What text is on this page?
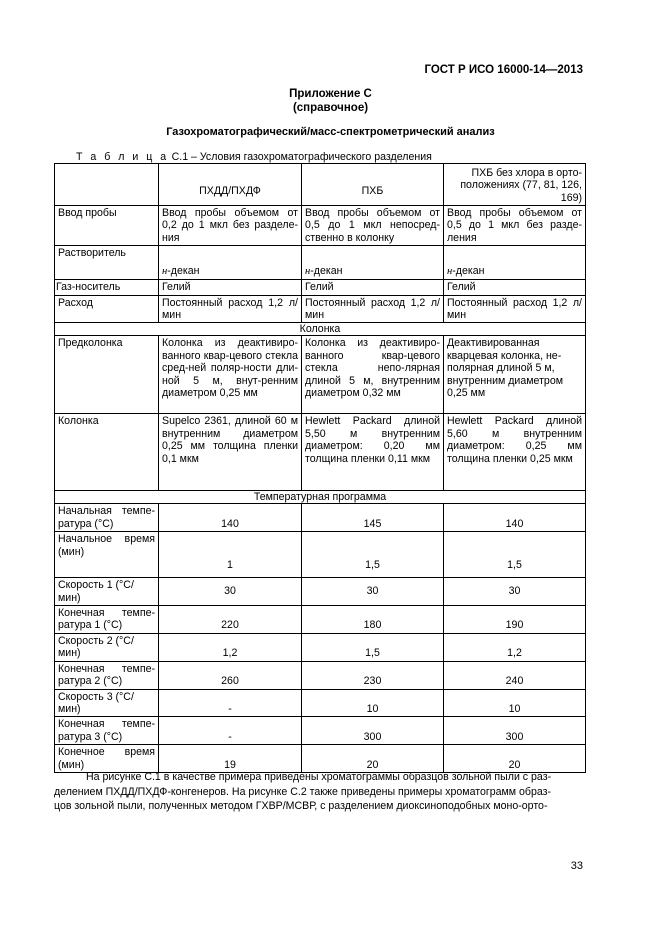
ГОСТ Р ИСО 16000-14—2013
Приложение С
(справочное)
Газохроматографический/масс-спектрометрический анализ
Т а б л и ц а С.1 – Условия газохроматографического разделения
	ПХДД/ПХДФ	ПХБ	ПХБ без хлора в орто-положениях (77, 81, 126, 169)
Ввод пробы	Ввод пробы объемом от 0,2 до 1 мкл без разделе-ния	Ввод пробы объемом от 0,5 до 1 мкл непосред-ственно в колонку	Ввод пробы объемом от 0,5 до 1 мкл без разде-ления
Растворитель	н-декан	н-декан	н-декан
Газ-носитель	Гелий	Гелий	Гелий
Расход	Постоянный расход 1,2 л/мин	Постоянный расход 1,2 л/мин	Постоянный расход 1,2 л/мин
Колонка			
Предколонка	Колонка из деактивиро-ванного квар-цевого стекла сред-ней поляр-ности дли-ной 5 м, внут-ренним диаметром 0,25 мм	Колонка из деактивиро-ванного квар-цевого стекла непо-лярная длиной 5 м, внутренним диаметром 0,32 мм	Деактивированная кварцевая колонка, не-полярная длиной 5 м, внутренним диаметром 0,25 мм
Колонка	Supelco 2361, длиной 60 м внутренним диаметром 0,25 мм толщина пленки 0,1 мкм	Hewlett Packard длиной 5,50 м внутренним диаметром: 0,20 мм толщина пленки 0,11 мкм	Hewlett Packard длиной 5,60 м внутренним диаметром: 0,25 мм толщина пленки 0,25 мкм
Температурная программа			
Начальная темпе-ратура (°C)	140	145	140
Начальное время (мин)	1	1,5	1,5
Скорость 1 (°C/мин)	30	30	30
Конечная темпе-ратура 1 (°C)	220	180	190
Скорость 2 (°C/мин)	1,2	1,5	1,2
Конечная темпе-ратура 2 (°C)	260	230	240
Скорость 3 (°C/мин)	-	10	10
Конечная темпе-ратура 3 (°C)	-	300	300
Конечное время (мин)	19	20	20
На рисунке С.1 в качестве примера приведены хроматограммы образцов зольной пыли с раз-
делением ПХДД/ПХДФ-конгенеров. На рисунке С.2 также приведены примеры хроматограмм образ-
цов зольной пыли, полученных методом ГХВР/МСВР, с разделением диоксиноподобных моно-орто-
33
